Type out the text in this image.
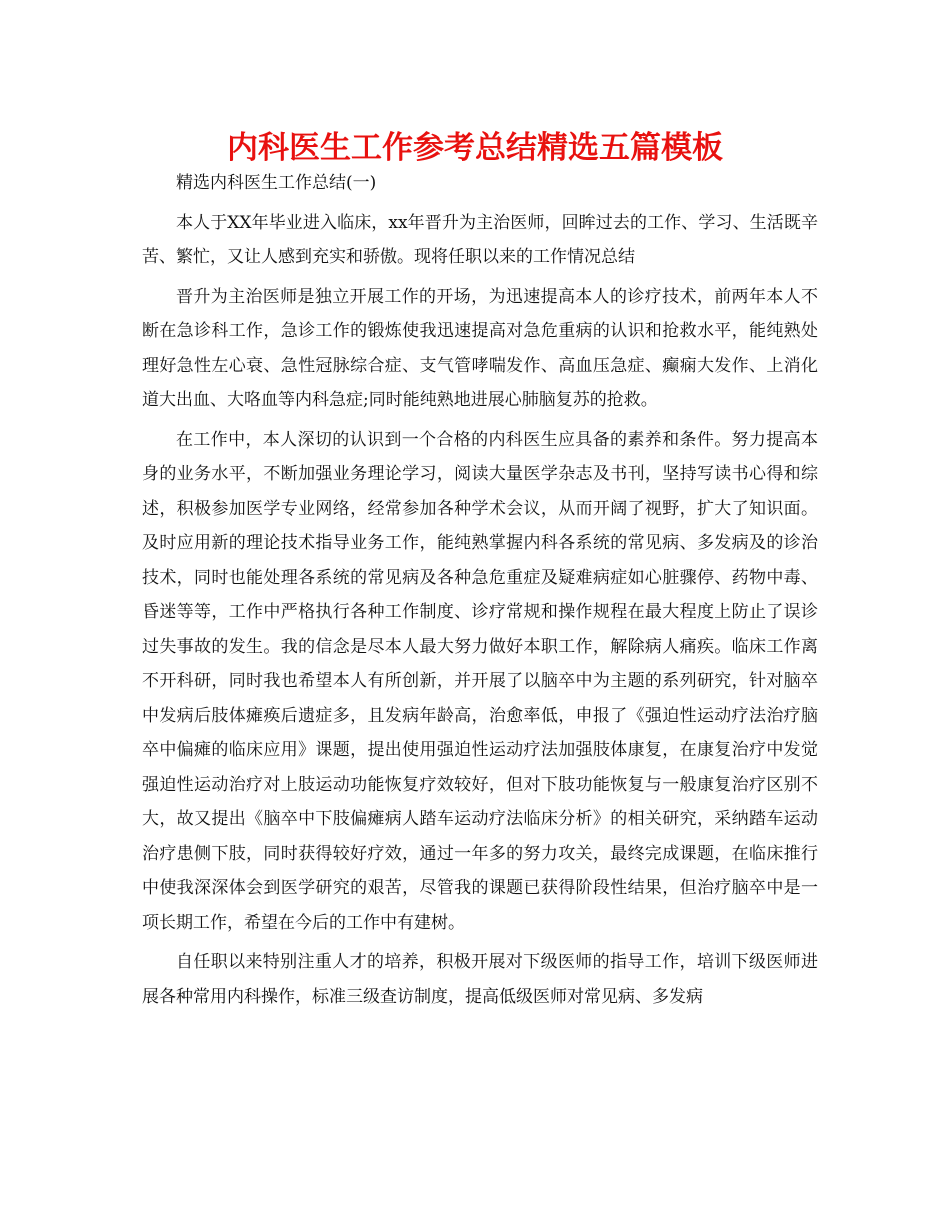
内科医生工作参考总结精选五篇模板

精选内科医生工作总结(一)

本人于XX年毕业进入临床，xx年晋升为主治医师，回眸过去的工作、学习、生活既辛苦、繁忙，又让人感到充实和骄傲。现将任职以来的工作情况总结

晋升为主治医师是独立开展工作的开场，为迅速提高本人的诊疗技术，前两年本人不断在急诊科工作，急诊工作的锻炼使我迅速提高对急危重病的认识和抢救水平，能纯熟处理好急性左心衰、急性冠脉综合症、支气管哮喘发作、高血压急症、癫痫大发作、上消化道大出血、大咯血等内科急症;同时能纯熟地进展心肺脑复苏的抢救。

在工作中，本人深切的认识到一个合格的内科医生应具备的素养和条件。努力提高本身的业务水平，不断加强业务理论学习，阅读大量医学杂志及书刊，坚持写读书心得和综述，积极参加医学专业网络，经常参加各种学术会议，从而开阔了视野，扩大了知识面。及时应用新的理论技术指导业务工作，能纯熟掌握内科各系统的常见病、多发病及的诊治技术，同时也能处理各系统的常见病及各种急危重症及疑难病症如心脏骤停、药物中毒、昏迷等等，工作中严格执行各种工作制度、诊疗常规和操作规程在最大程度上防止了误诊过失事故的发生。我的信念是尽本人最大努力做好本职工作，解除病人痛疾。临床工作离不开科研，同时我也希望本人有所创新，并开展了以脑卒中为主题的系列研究，针对脑卒中发病后肢体瘫痪后遗症多，且发病年龄高，治愈率低，申报了《强迫性运动疗法治疗脑卒中偏瘫的临床应用》课题，提出使用强迫性运动疗法加强肢体康复，在康复治疗中发觉强迫性运动治疗对上肢运动功能恢复疗效较好，但对下肢功能恢复与一般康复治疗区别不大，故又提出《脑卒中下肢偏瘫病人踏车运动疗法临床分析》的相关研究，采纳踏车运动治疗患侧下肢，同时获得较好疗效，通过一年多的努力攻关，最终完成课题，在临床推行中使我深深体会到医学研究的艰苦，尽管我的课题已获得阶段性结果，但治疗脑卒中是一项长期工作，希望在今后的工作中有建树。

自任职以来特别注重人才的培养，积极开展对下级医师的指导工作，培训下级医师进展各种常用内科操作，标准三级查访制度，提高低级医师对常见病、多发病
